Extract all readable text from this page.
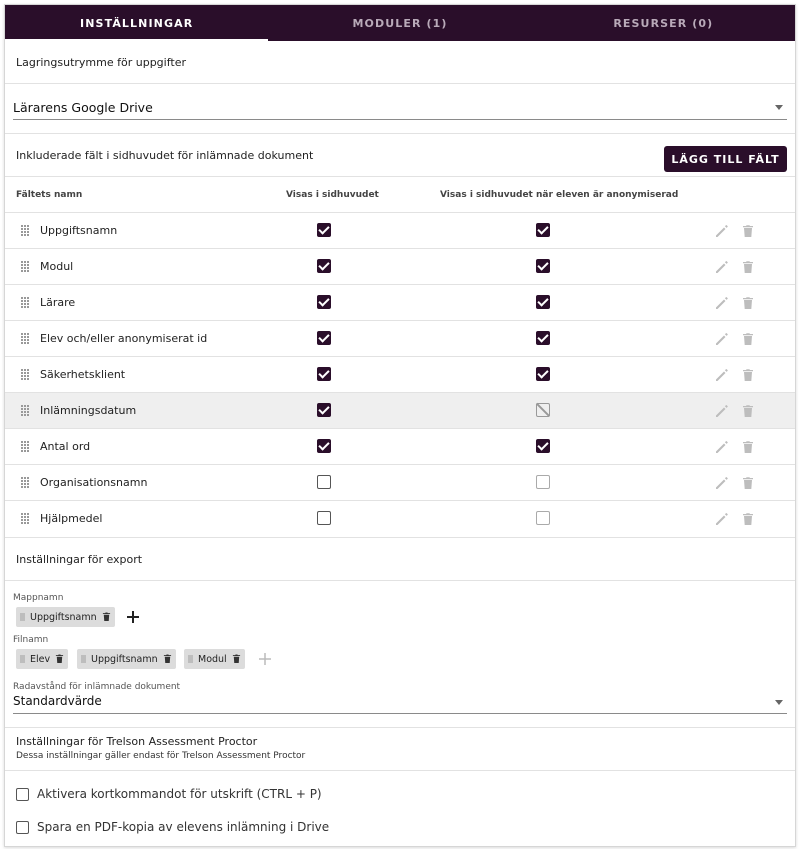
INSTÄLLNINGAR	MODULER (1)	RESURSER (0)
Lagringsutrymme för uppgifter
Lärarens Google Drive
Inkluderade fält i sidhuvudet för inlämnade dokument	LÄGG TILL FÄLT
Fältets namn	Visas i sidhuvudet	Visas i sidhuvudet när eleven är anonymiserad
Uppgiftsnamn
Modul
Lärare
Elev och/eller anonymiserat id
Säkerhetsklient
Inlämningsdatum
Antal ord
Organisationsnamn
Hjälpmedel
Inställningar för export
Mappnamn
Uppgiftsnamn
Filnamn
Elev	Uppgiftsnamn	Modul
Radavstånd för inlämnade dokument
Standardvärde
Inställningar för Trelson Assessment Proctor
Dessa inställningar gäller endast för Trelson Assessment Proctor
Aktivera kortkommandot för utskrift (CTRL + P)
Spara en PDF-kopia av elevens inlämning i Drive
